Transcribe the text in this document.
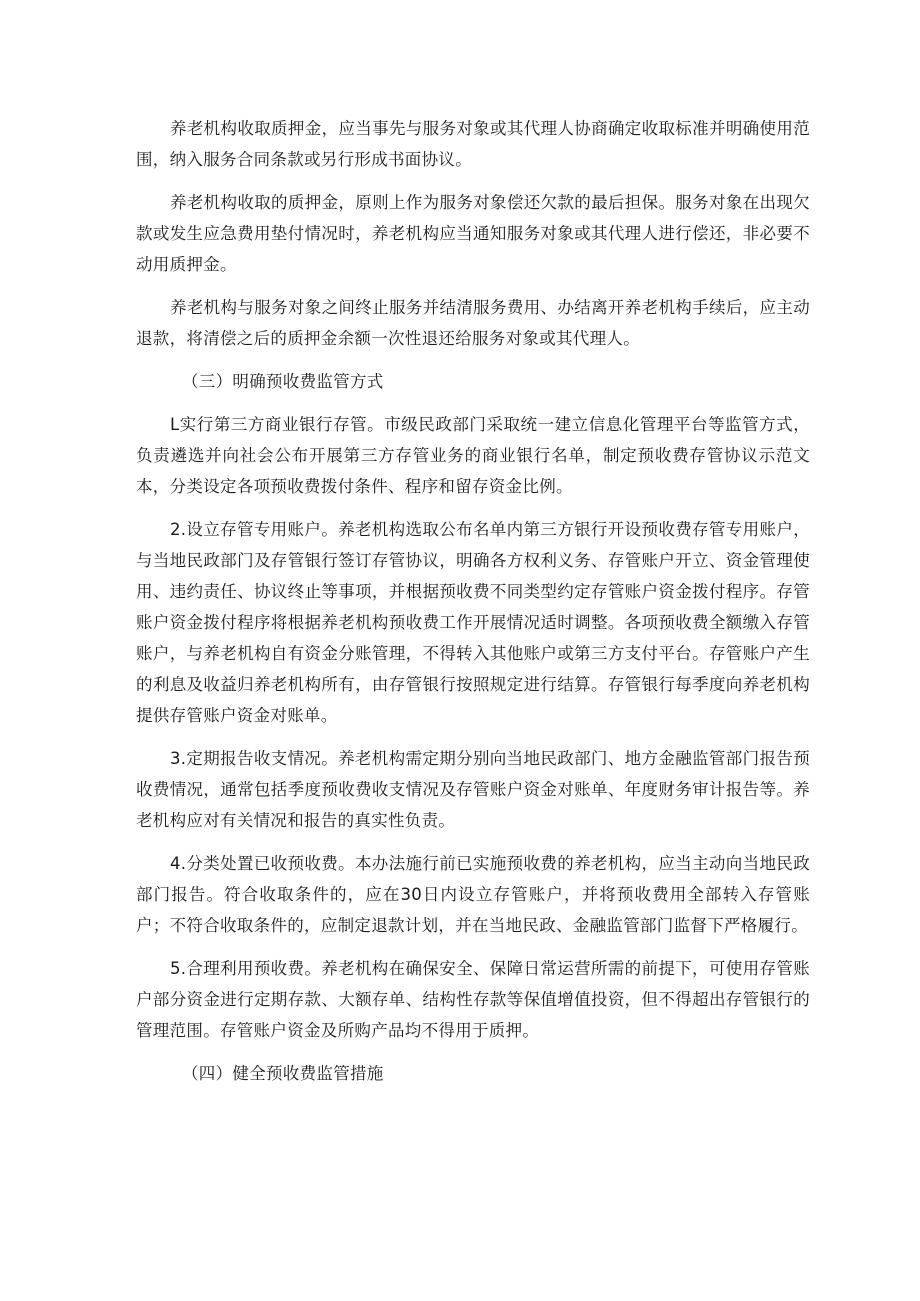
养老机构收取质押金，应当事先与服务对象或其代理人协商确定收取标准并明确使用范围，纳入服务合同条款或另行形成书面协议。

养老机构收取的质押金，原则上作为服务对象偿还欠款的最后担保。服务对象在出现欠款或发生应急费用垫付情况时，养老机构应当通知服务对象或其代理人进行偿还，非必要不动用质押金。

养老机构与服务对象之间终止服务并结清服务费用、办结离开养老机构手续后，应主动退款，将清偿之后的质押金余额一次性退还给服务对象或其代理人。

（三）明确预收费监管方式

L实行第三方商业银行存管。市级民政部门采取统一建立信息化管理平台等监管方式，负责遴选并向社会公布开展第三方存管业务的商业银行名单，制定预收费存管协议示范文本，分类设定各项预收费拨付条件、程序和留存资金比例。

2.设立存管专用账户。养老机构选取公布名单内第三方银行开设预收费存管专用账户，与当地民政部门及存管银行签订存管协议，明确各方权利义务、存管账户开立、资金管理使用、违约责任、协议终止等事项，并根据预收费不同类型约定存管账户资金拨付程序。存管账户资金拨付程序将根据养老机构预收费工作开展情况适时调整。各项预收费全额缴入存管账户，与养老机构自有资金分账管理，不得转入其他账户或第三方支付平台。存管账户产生的利息及收益归养老机构所有，由存管银行按照规定进行结算。存管银行每季度向养老机构提供存管账户资金对账单。

3.定期报告收支情况。养老机构需定期分别向当地民政部门、地方金融监管部门报告预收费情况，通常包括季度预收费收支情况及存管账户资金对账单、年度财务审计报告等。养老机构应对有关情况和报告的真实性负责。

4.分类处置已收预收费。本办法施行前已实施预收费的养老机构，应当主动向当地民政部门报告。符合收取条件的，应在30日内设立存管账户，并将预收费用全部转入存管账户；不符合收取条件的，应制定退款计划，并在当地民政、金融监管部门监督下严格履行。

5.合理利用预收费。养老机构在确保安全、保障日常运营所需的前提下，可使用存管账户部分资金进行定期存款、大额存单、结构性存款等保值增值投资，但不得超出存管银行的管理范围。存管账户资金及所购产品均不得用于质押。

（四）健全预收费监管措施
